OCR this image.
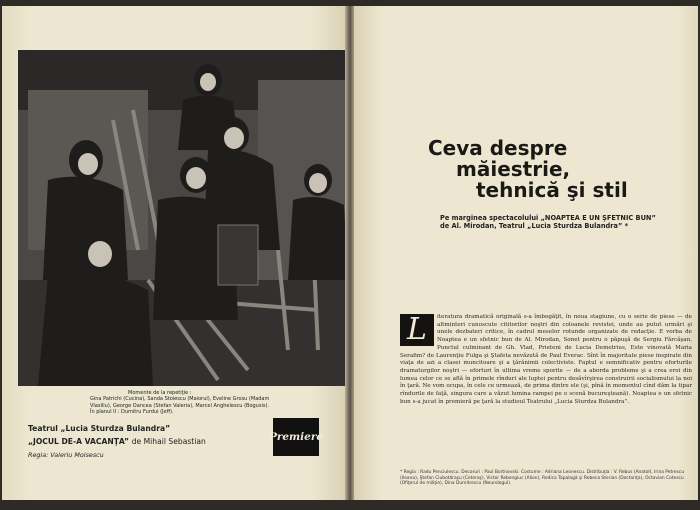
Momente de la repetiţie :
Gina Patrichi (Cucina), Sanda Stoiescu (Maiorul), Eveline Grosu (Madam
Vlasiliu), George Oancea (Stefan Valeria), Marcel Anghelescu (Bogusis).
În planul II : Dumitru Furdui (Jeff).
Teatrul „Lucia Sturdza Bulandra”
„JOCUL DE-A VACANŢA” de Mihail Sebastian
Regia: Valeriu Moisescu
Premiere
Ceva despre
măiestrie,
tehnică şi stil
Pe marginea spectacolului „NOAPTEA E UN ŞFETNIC BUN”
de Al. Mirodan, Teatrul „Lucia Sturdza Bulandra” *
L	iteratura dramatică originală s-a îmbogăţit, în noua stagiune, cu o serie de piese — de altminteri cunoscute cititorilor noştri din coloanele revistei, unde au putut urmări şi unele dezbateri critice, în cadrul meselor rotunde organizate de redacţie. E vorba de Noaptea e un sfetnic bun de Al. Mirodan, Sonet pentru o păpuşă de Sergiu Fărcăşan, Punctul culminant de Gh. Vlad, Prieteni de Lucia Demetrius, Este vinovată Maria Serafim? de Laurenţiu Fulga şi Ştafeta nevăzută de Paul Everac. Sînt în majoritate piese inspirate din viaţa de azi a clasei muncitoare şi a ţărănimii colectiviste. Faptul e semnificativ pentru eforturile dramaturgilor noştri — eforturi în ultima vreme sporite — de a aborda probleme şi a crea eroi din lumea celor ce se află în primele rînduri ale luptei pentru desăvîrşirea construirii socialismului la noi în ţară. Ne vom ocupa, în cele ce urmează, de prima dintre ele (şi, pînă în momentul cînd dăm la tipar rîndurile de faţă, singura care a văzut lumina rampei pe o scenă bucureşteană). Noaptea e un sfetnic bun s-a jucat în premieră pe ţară la studioul Teatrului „Lucia Sturdza Bulandra”.
* Regia : Radu Penciulescu. Decoruri : Paul Bortnovski. Costume : Adriana Leonescu. Distribuţia : V. Rebus (Anatol), Irina Petrescu (Ileana), Ştefan Ciubotăraşu (Ceteraş), Victor Rebengiuc (Alion), Rodica Tapalagă şi Rebeca Sterian (Doctoriţa), Octavian Cotescu (Ofiţerul de miliţie), Dina Dumitrescu (Neurologul).
